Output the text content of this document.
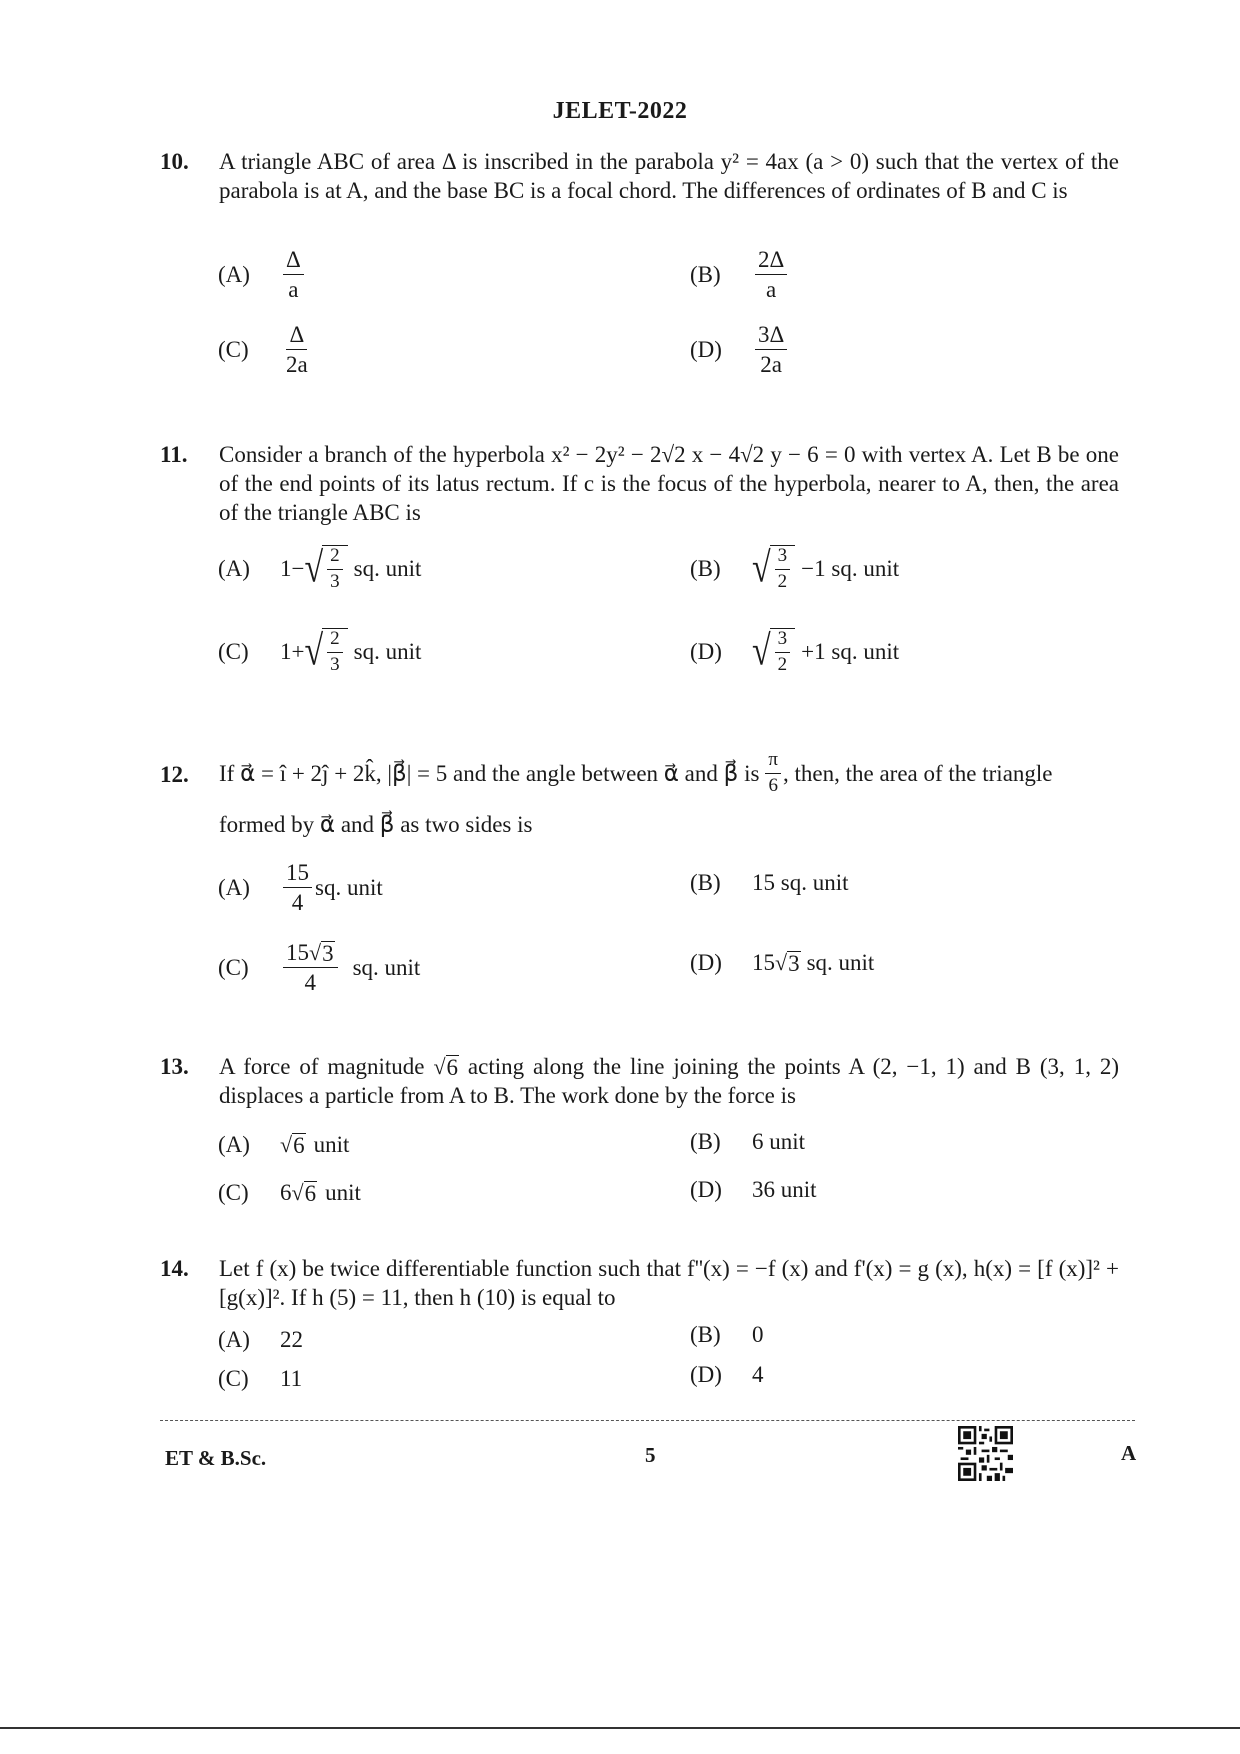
JELET-2022
10.	A triangle ABC of area Δ is inscribed in the parabola y² = 4ax (a > 0) such that the vertex of the parabola is at A, and the base BC is a focal chord. The differences of ordinates of B and C is
(A)	$\frac{\Delta}{a}$	(B)	$\frac{2\Delta}{a}$
(C)	$\frac{\Delta}{2a}$	(D)	$\frac{3\Delta}{2a}$
11.	Consider a branch of the hyperbola x² − 2y² − 2√2 x − 4√2 y − 6 = 0 with vertex A. Let B be one of the end points of its latus rectum. If c is the focus of the hyperbola, nearer to A, then, the area of the triangle ABC is
(A)	1− √ $\frac{2}{3}$ sq. unit	(B) √ $\frac{3}{2} -1$ sq. unit
(C)	1+ √ $\frac{2}{3}$ sq. unit	(D) √ $\frac{3}{2} +1$ sq. unit
12.	If α⃗ = î + 2ĵ + 2k̂, |β⃗| = 5 and the angle between α⃗ and β⃗ is $\frac{\pi}{6}$ , then, the area of the triangle
formed by α⃗ and β⃗ as two sides is
(A)	$\frac{15}{4}$ sq. unit	(B)	15 sq. unit
(C)	$\frac{15 √ 3}{4}$ sq. unit	(D)	15 √ 3 sq. unit
13.	A force of magnitude √ 6 acting along the line joining the points A (2, −1, 1) and B (3, 1, 2) displaces a particle from A to B. The work done by the force is
(A)	√ 6 unit	(B)	6 unit
(C)	6 √ 6 unit	(D)	36 unit
14.	Let f (x) be twice differentiable function such that f''(x) = −f (x) and f'(x) = g (x), h(x) = [f (x)]² + [g(x)]². If h (5) = 11, then h (10) is equal to
(A)	22	(B)	0
(C)	11	(D)	4
ET & B.Sc.	5	A
